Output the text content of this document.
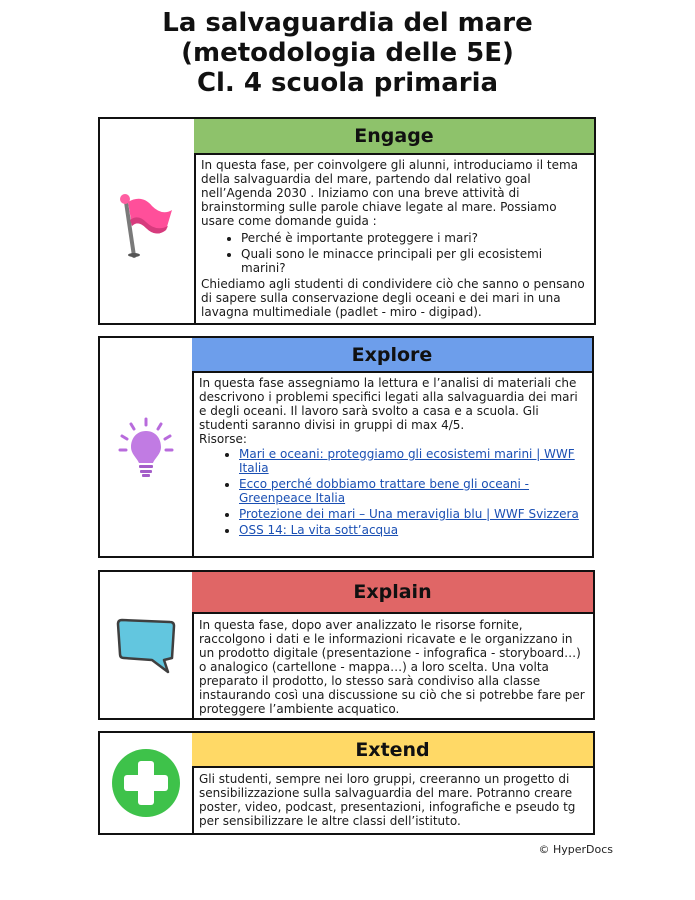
La salvaguardia del mare
(metodologia delle 5E)
Cl. 4 scuola primaria
Engage

In questa fase, per coinvolgere gli alunni, introduciamo il tema della salvaguardia del mare, partendo dal relativo goal nell’Agenda 2030 . Iniziamo con una breve attività di brainstorming sulle parole chiave legate al mare. Possiamo usare come domande guida :

• Perché è importante proteggere i mari?
• Quali sono le minacce principali per gli ecosistemi marini?

Chiediamo agli studenti di condividere ciò che sanno o pensano di sapere sulla conservazione degli oceani e dei mari in una lavagna multimediale (padlet - miro - digipad).

Explore

In questa fase assegniamo la lettura e l’analisi di materiali che descrivono i problemi specifici legati alla salvaguardia dei mari e degli oceani. Il lavoro sarà svolto a casa e a scuola. Gli studenti saranno divisi in gruppi di max 4/5.

Risorse:

• Mari e oceani: proteggiamo gli ecosistemi marini | WWF Italia
• Ecco perché dobbiamo trattare bene gli oceani - Greenpeace Italia
• Protezione dei mari – Una meraviglia blu | WWF Svizzera
• OSS 14: La vita sott’acqua
Explain

In questa fase, dopo aver analizzato le risorse fornite, raccolgono i dati e le informazioni ricavate e le organizzano in un prodotto digitale (presentazione - infografica - storyboard…) o analogico (cartellone - mappa…) a loro scelta. Una volta preparato il prodotto, lo stesso sarà condiviso alla classe instaurando così una discussione su ciò che si potrebbe fare per proteggere l’ambiente acquatico.

Extend

Gli studenti, sempre nei loro gruppi, creeranno un progetto di sensibilizzazione sulla salvaguardia del mare. Potranno creare poster, video, podcast, presentazioni, infografiche e pseudo tg per sensibilizzare le altre classi dell’istituto.

© HyperDocs
